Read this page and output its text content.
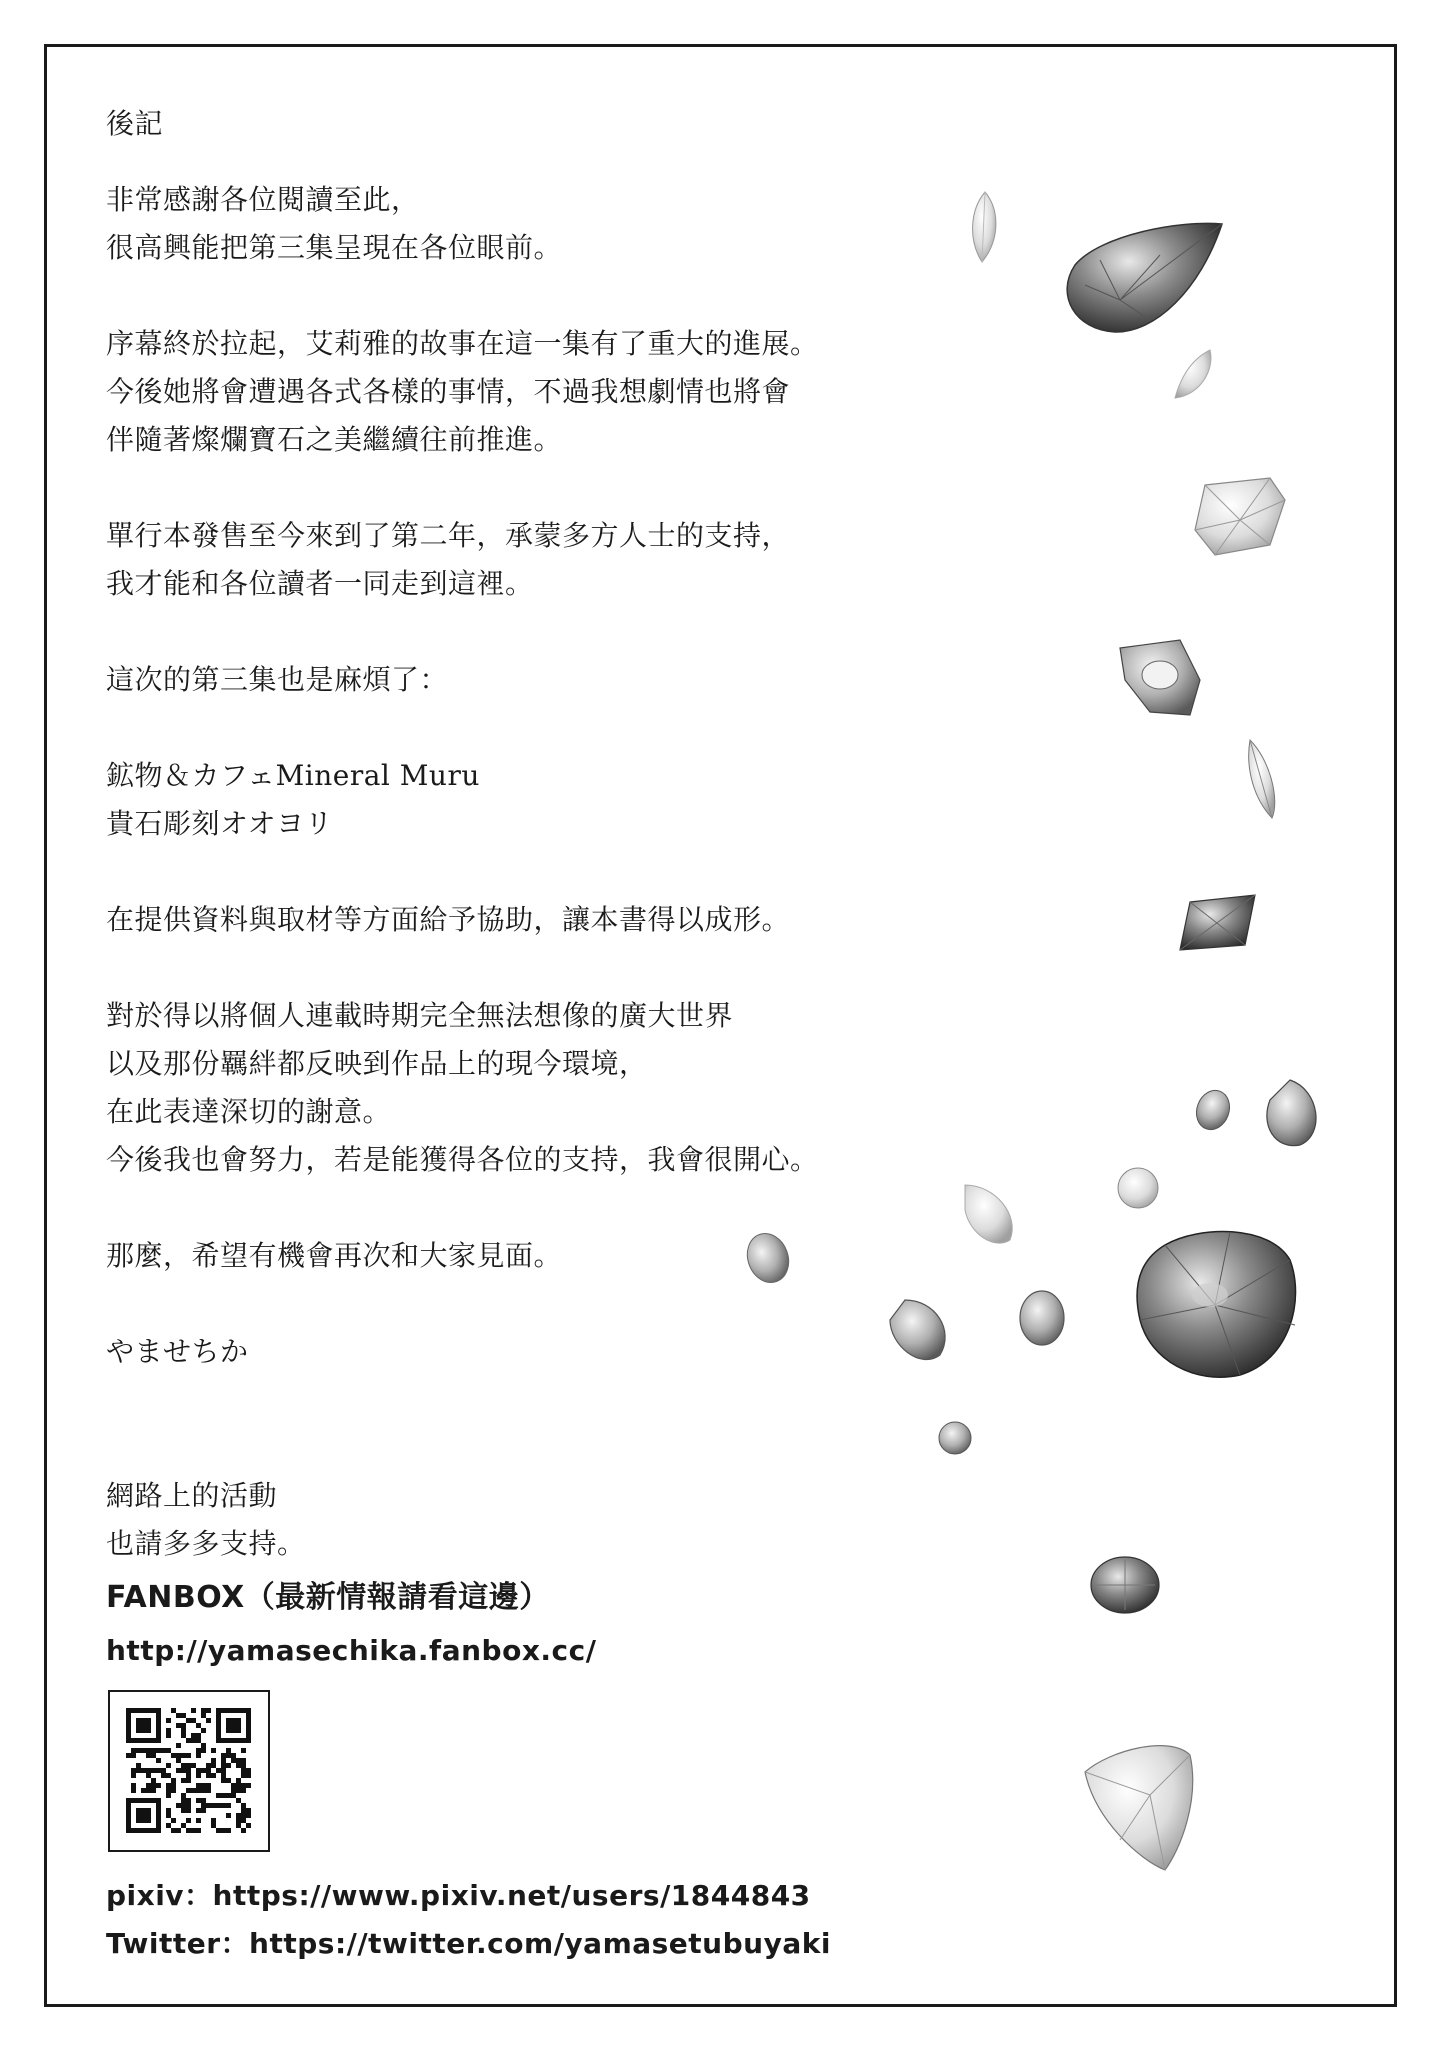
後記

非常感謝各位閱讀至此，
很高興能把第三集呈現在各位眼前。

序幕終於拉起，艾莉雅的故事在這一集有了重大的進展。
今後她將會遭遇各式各樣的事情，不過我想劇情也將會
伴隨著燦爛寶石之美繼續往前推進。

單行本發售至今來到了第二年，承蒙多方人士的支持，
我才能和各位讀者一同走到這裡。

這次的第三集也是麻煩了：

鉱物＆カフェMineral Muru
貴石彫刻オオヨリ

在提供資料與取材等方面給予協助，讓本書得以成形。

對於得以將個人連載時期完全無法想像的廣大世界
以及那份羈絆都反映到作品上的現今環境，
在此表達深切的謝意。
今後我也會努力，若是能獲得各位的支持，我會很開心。

那麼，希望有機會再次和大家見面。

やませちか

網路上的活動
也請多多支持。
FANBOX（最新情報請看這邊）
http://yamasechika.fanbox.cc/
pixiv：https://www.pixiv.net/users/1844843
Twitter：https://twitter.com/yamasetubuyaki
